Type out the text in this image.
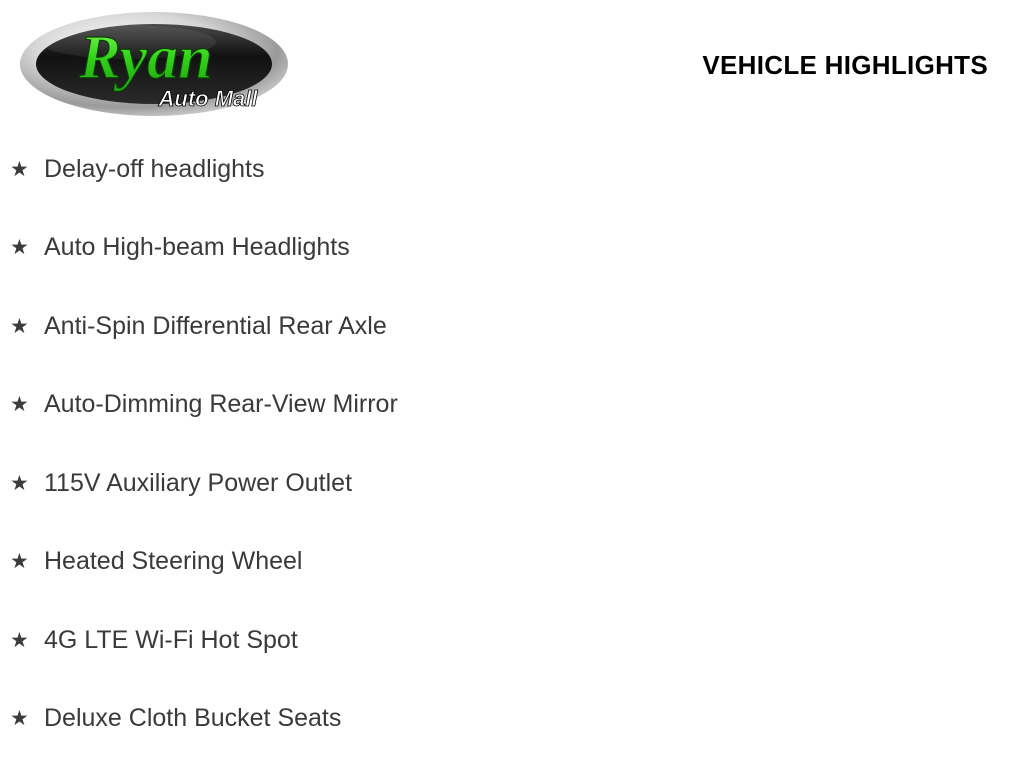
Ryan
Auto Mall
VEHICLE HIGHLIGHTS
★ Delay-off headlights
★ Auto High-beam Headlights
★ Anti-Spin Differential Rear Axle
★ Auto-Dimming Rear-View Mirror
★ 115V Auxiliary Power Outlet
★ Heated Steering Wheel
★ 4G LTE Wi-Fi Hot Spot
★ Deluxe Cloth Bucket Seats
